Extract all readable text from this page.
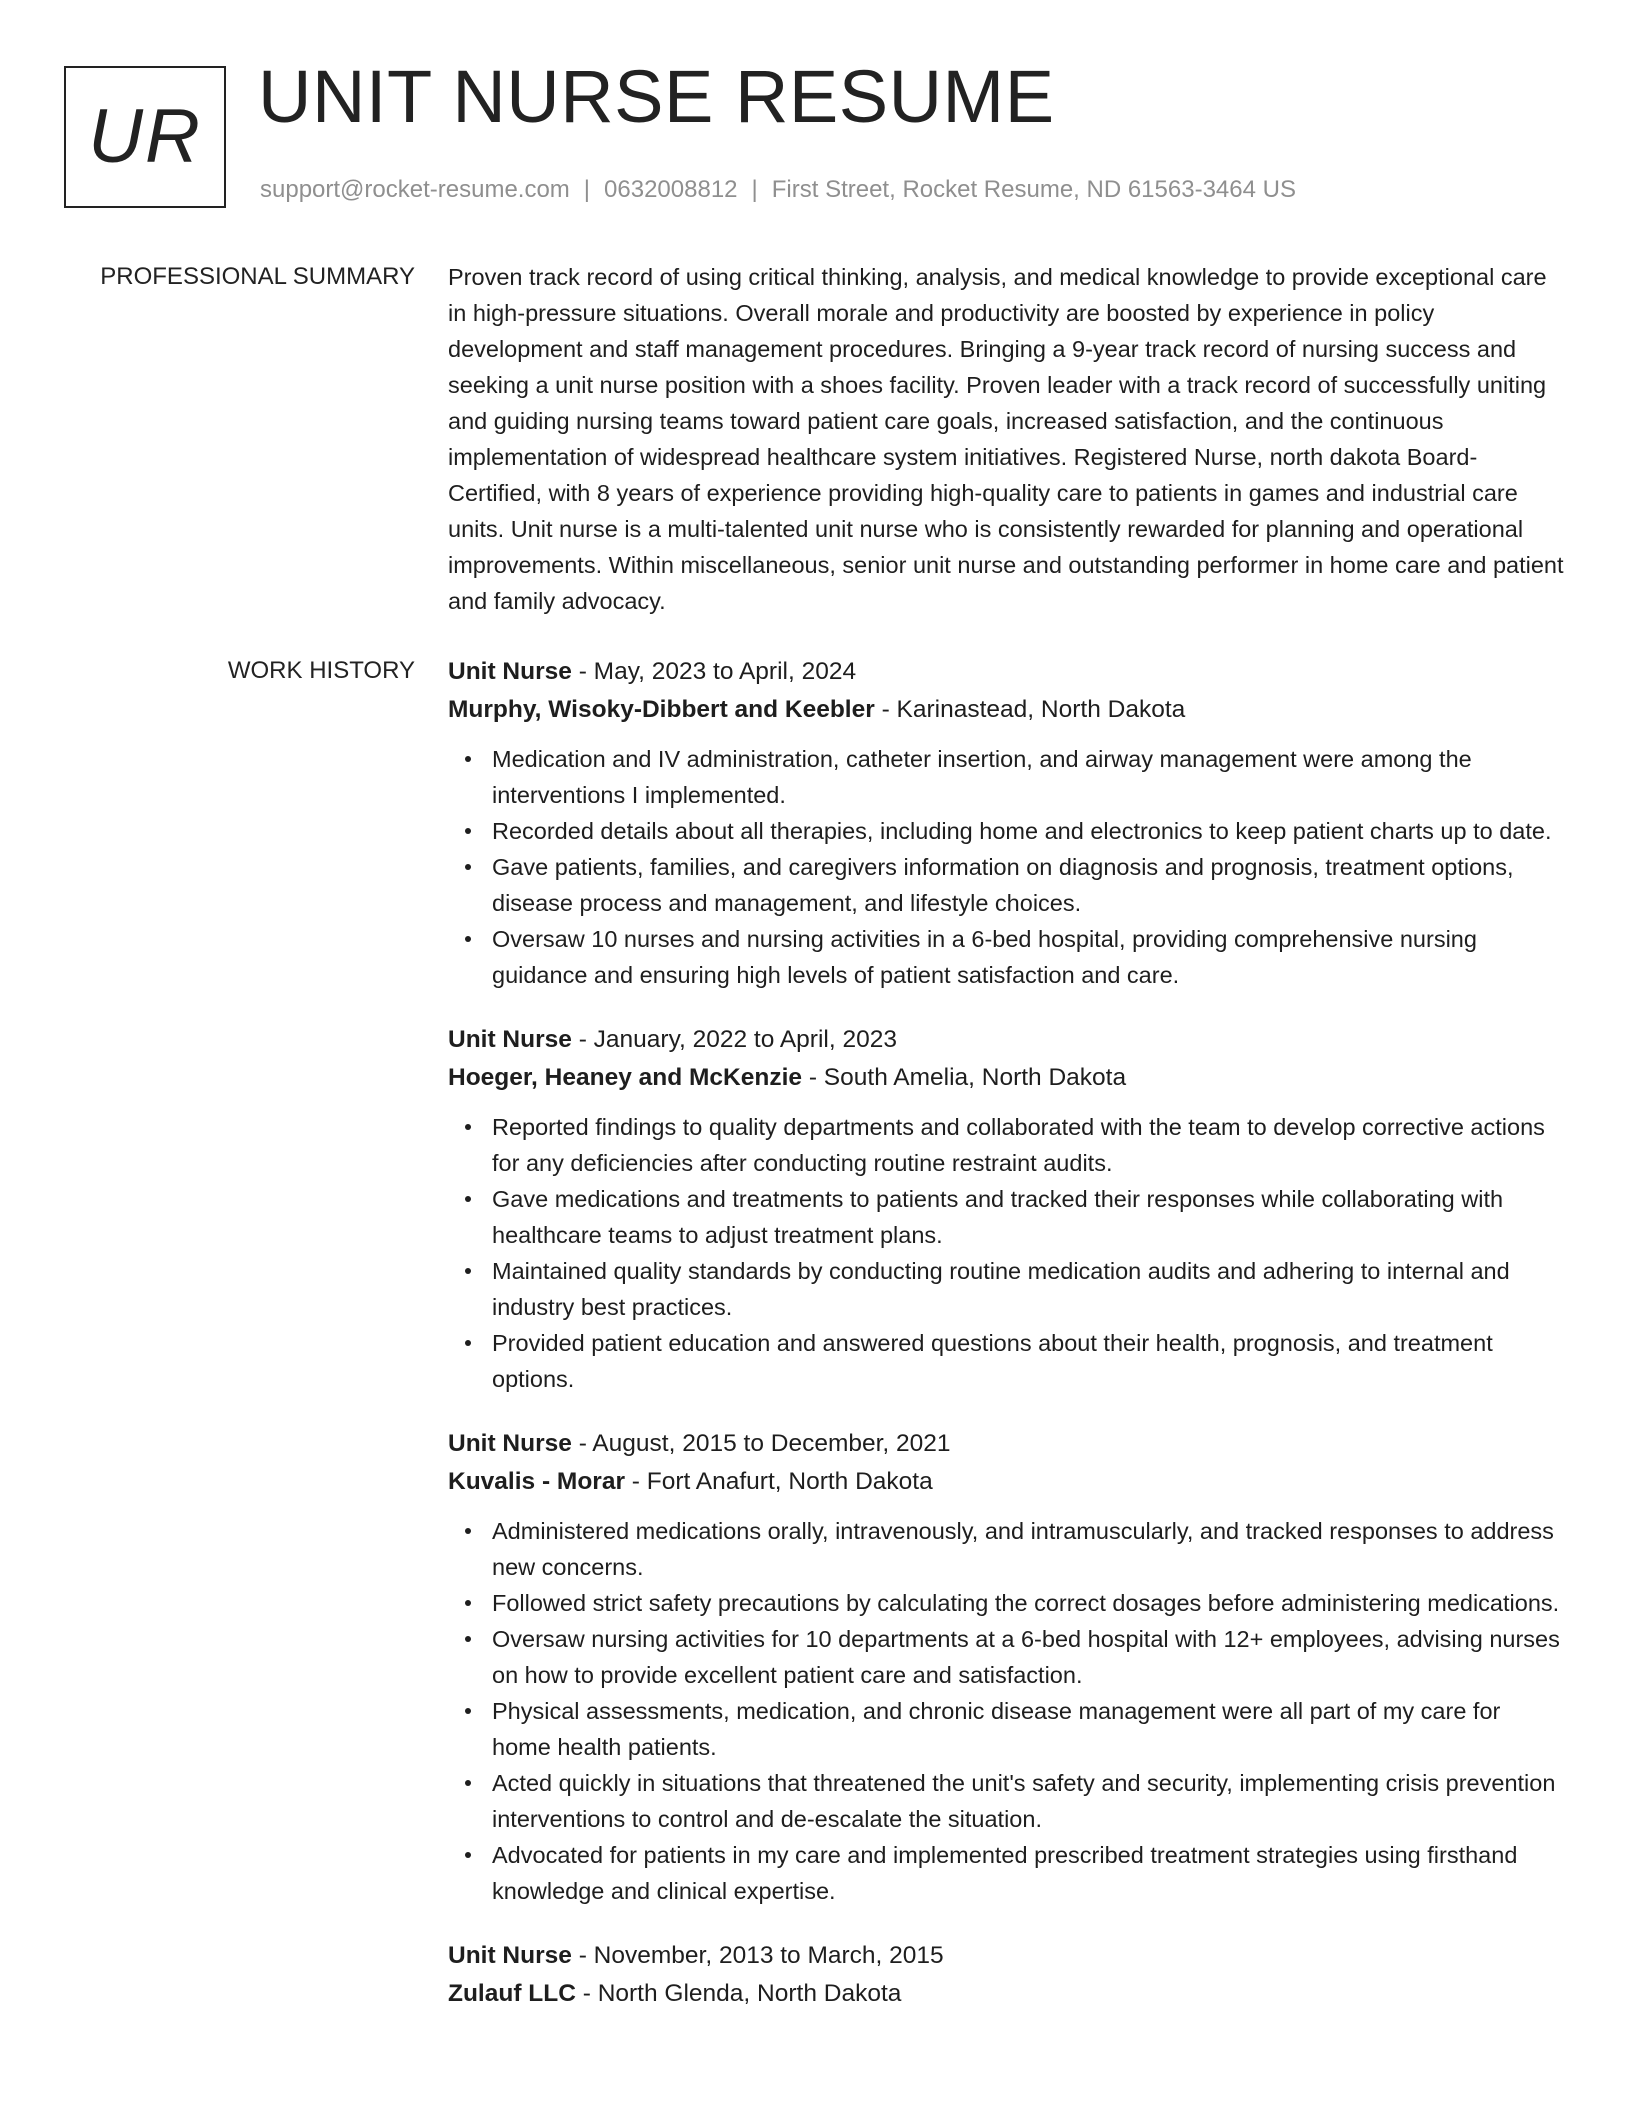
UR UNIT NURSE RESUME
support@rocket-resume.com | 0632008812 | First Street, Rocket Resume, ND 61563-3464 US
PROFESSIONAL SUMMARY Proven track record of using critical thinking, analysis, and medical knowledge to provide exceptional care in high-pressure situations. Overall morale and productivity are boosted by experience in policy development and staff management procedures. Bringing a 9-year track record of nursing success and seeking a unit nurse position with a shoes facility. Proven leader with a track record of successfully uniting and guiding nursing teams toward patient care goals, increased satisfaction, and the continuous implementation of widespread healthcare system initiatives. Registered Nurse, north dakota Board-Certified, with 8 years of experience providing high-quality care to patients in games and industrial care units. Unit nurse is a multi-talented unit nurse who is consistently rewarded for planning and operational improvements. Within miscellaneous, senior unit nurse and outstanding performer in home care and patient and family advocacy.

WORK HISTORY Unit Nurse - May, 2023 to April, 2024
Murphy, Wisoky-Dibbert and Keebler - Karinastead, North Dakota
Medication and IV administration, catheter insertion, and airway management were among the interventions I implemented.
Recorded details about all therapies, including home and electronics to keep patient charts up to date.
Gave patients, families, and caregivers information on diagnosis and prognosis, treatment options, disease process and management, and lifestyle choices.
Oversaw 10 nurses and nursing activities in a 6-bed hospital, providing comprehensive nursing guidance and ensuring high levels of patient satisfaction and care.
Unit Nurse - January, 2022 to April, 2023
Hoeger, Heaney and McKenzie - South Amelia, North Dakota
Reported findings to quality departments and collaborated with the team to develop corrective actions for any deficiencies after conducting routine restraint audits.
Gave medications and treatments to patients and tracked their responses while collaborating with healthcare teams to adjust treatment plans.
Maintained quality standards by conducting routine medication audits and adhering to internal and industry best practices.
Provided patient education and answered questions about their health, prognosis, and treatment options.
Unit Nurse - August, 2015 to December, 2021
Kuvalis - Morar - Fort Anafurt, North Dakota
Administered medications orally, intravenously, and intramuscularly, and tracked responses to address new concerns.
Followed strict safety precautions by calculating the correct dosages before administering medications.
Oversaw nursing activities for 10 departments at a 6-bed hospital with 12+ employees, advising nurses on how to provide excellent patient care and satisfaction.
Physical assessments, medication, and chronic disease management were all part of my care for home health patients.
Acted quickly in situations that threatened the unit's safety and security, implementing crisis prevention interventions to control and de-escalate the situation.
Advocated for patients in my care and implemented prescribed treatment strategies using firsthand knowledge and clinical expertise.
Unit Nurse - November, 2013 to March, 2015
Zulauf LLC - North Glenda, North Dakota
